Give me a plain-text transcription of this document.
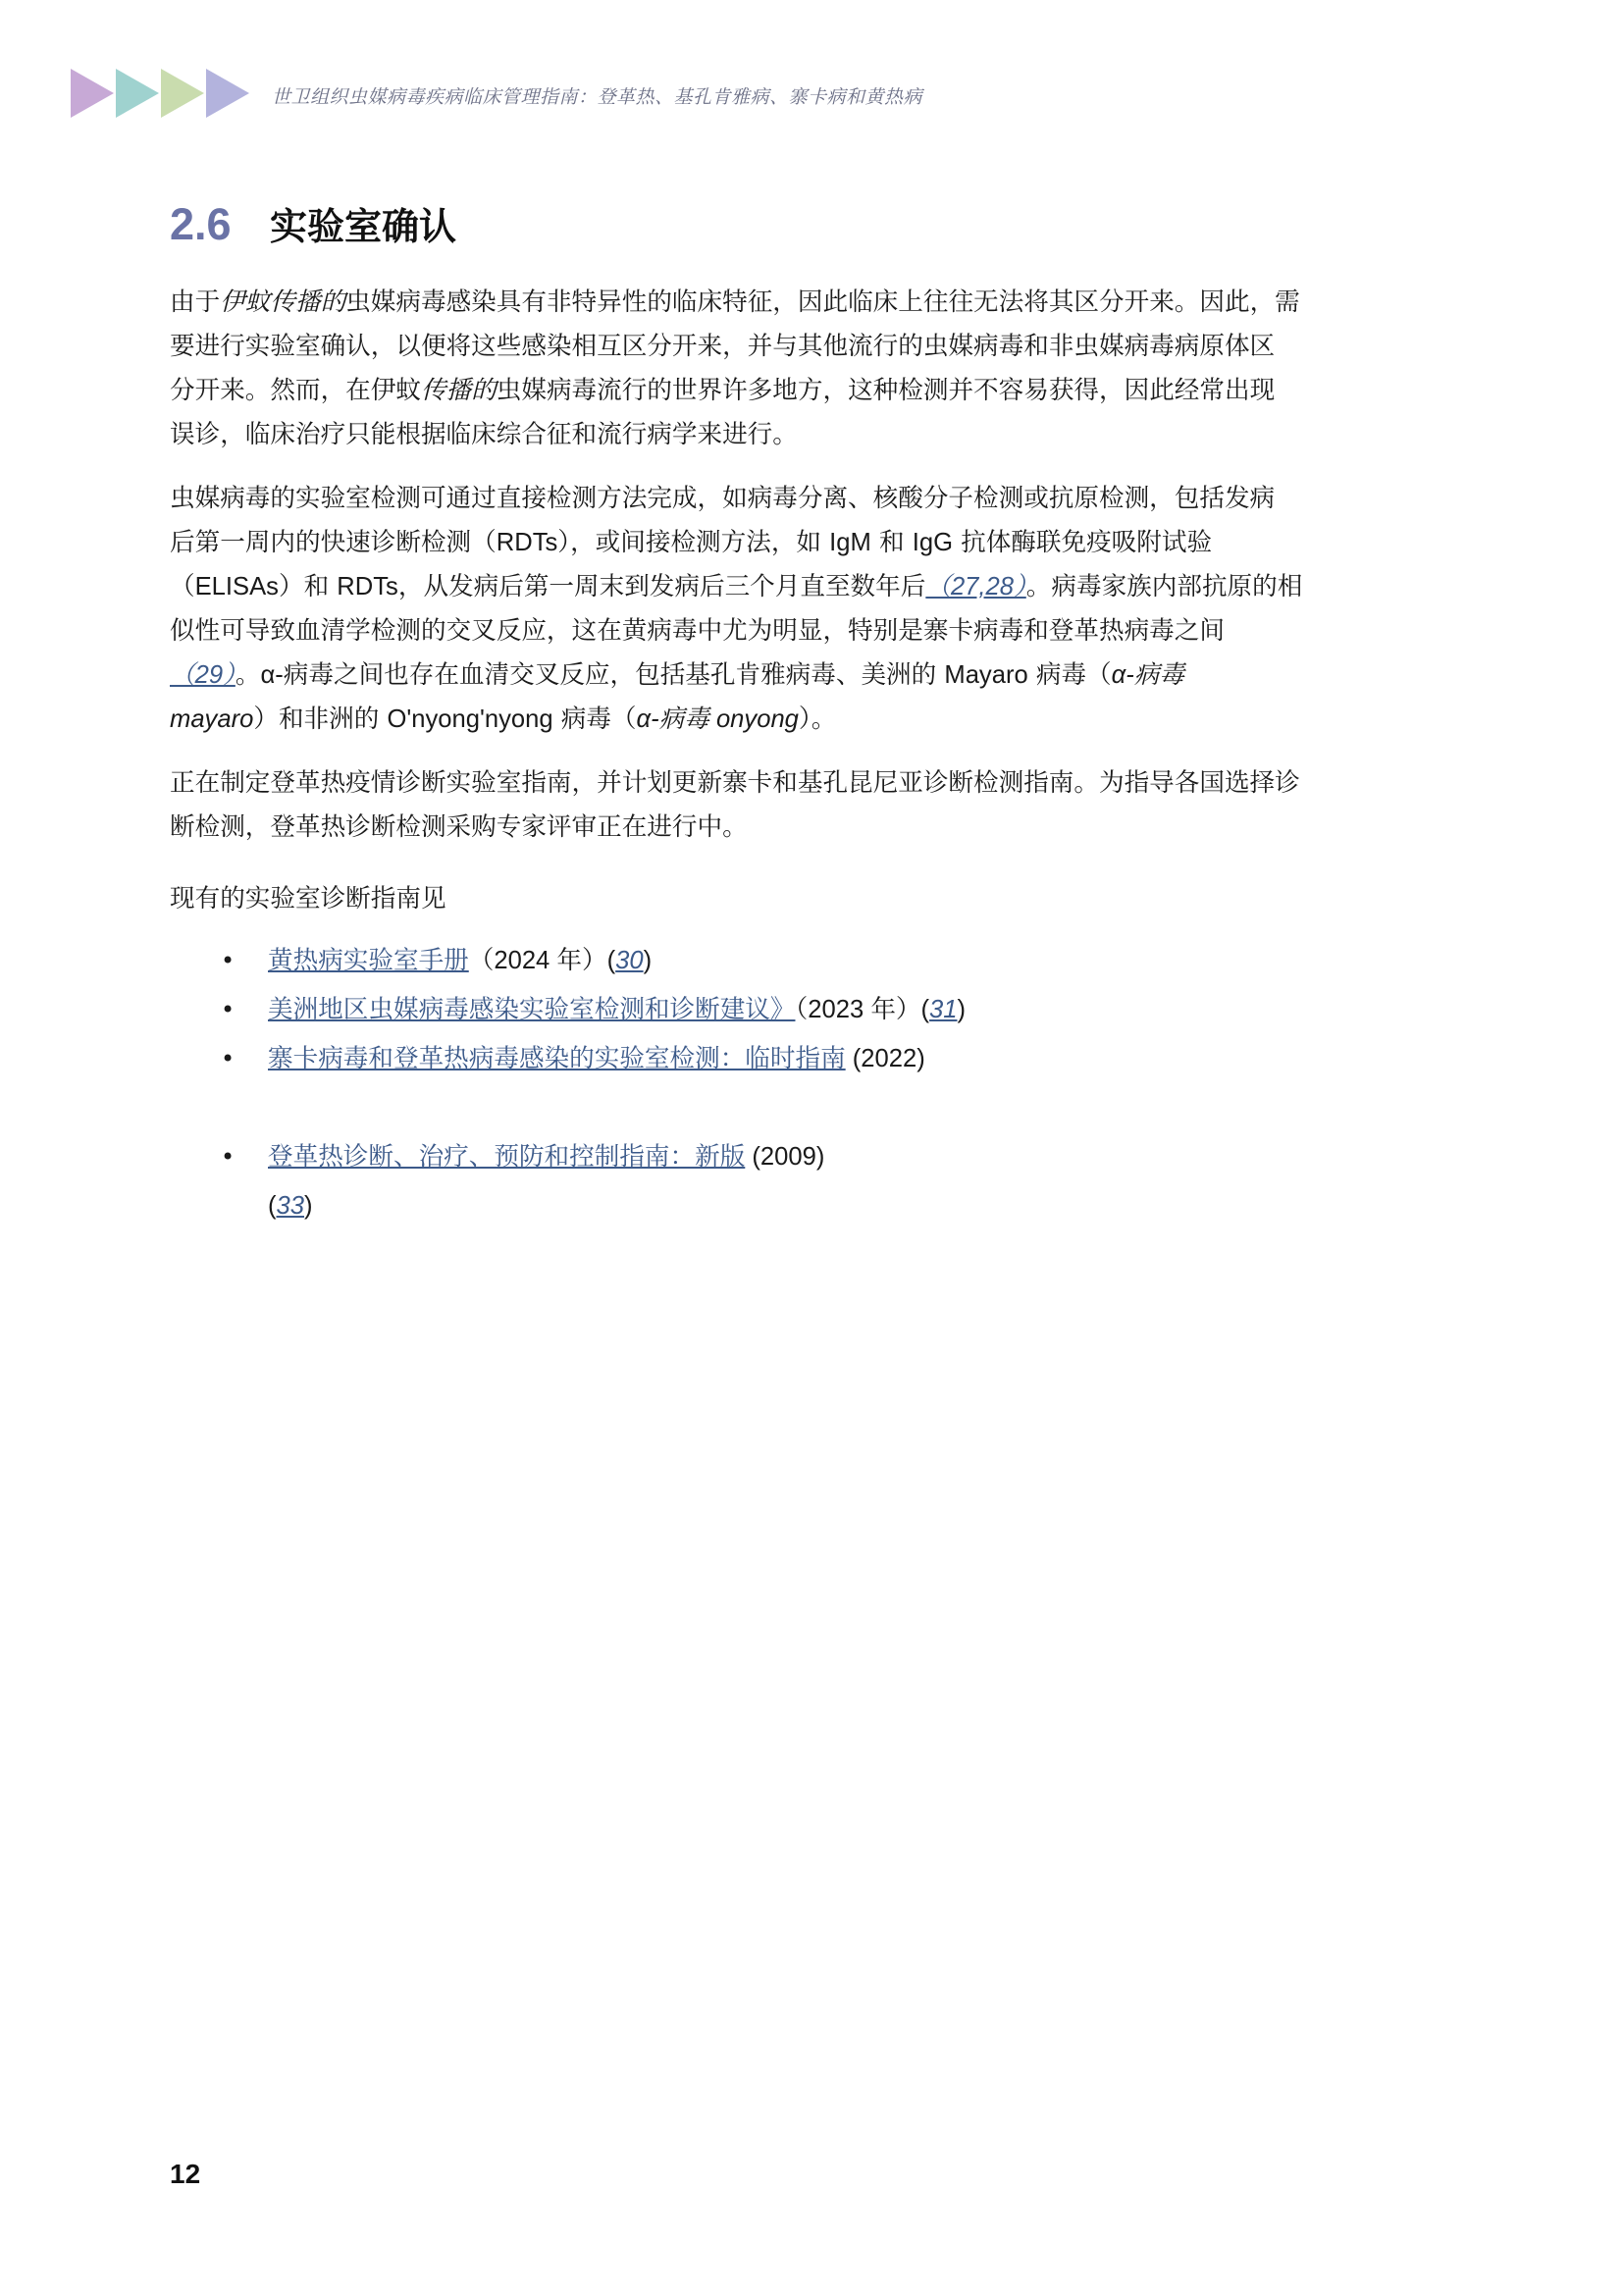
世卫组织虫媒病毒疾病临床管理指南：登革热、基孔肯雅病、寨卡病和黄热病
2.6	实验室确认
由于伊蚊传播的虫媒病毒感染具有非特异性的临床特征，因此临床上往往无法将其区分开来。因此，需
要进行实验室确认，以便将这些感染相互区分开来，并与其他流行的虫媒病毒和非虫媒病毒病原体区
分开来。然而，在伊蚊传播的虫媒病毒流行的世界许多地方，这种检测并不容易获得，因此经常出现
误诊，临床治疗只能根据临床综合征和流行病学来进行。
虫媒病毒的实验室检测可通过直接检测方法完成，如病毒分离、核酸分子检测或抗原检测，包括发病
后第一周内的快速诊断检测（RDTs），或间接检测方法，如 IgM 和 IgG 抗体酶联免疫吸附试验
（ELISAs）和 RDTs，从发病后第一周末到发病后三个月直至数年后（27,28）。病毒家族内部抗原的相
似性可导致血清学检测的交叉反应，这在黄病毒中尤为明显，特别是寨卡病毒和登革热病毒之间
（29）。α-病毒之间也存在血清交叉反应，包括基孔肯雅病毒、美洲的 Mayaro 病毒（α-病毒
mayaro）和非洲的 O'nyong'nyong 病毒（α-病毒 onyong）。
正在制定登革热疫情诊断实验室指南，并计划更新寨卡和基孔昆尼亚诊断检测指南。为指导各国选择诊
断检测，登革热诊断检测采购专家评审正在进行中。

现有的实验室诊断指南见

• 黄热病实验室手册（2024 年）(30)
• 美洲地区虫媒病毒感染实验室检测和诊断建议》（2023 年）(31)
• 寨卡病毒和登革热病毒感染的实验室检测：临时指南 (2022)
• 登革热诊断、治疗、预防和控制指南：新版 (2009)
(33)
12
